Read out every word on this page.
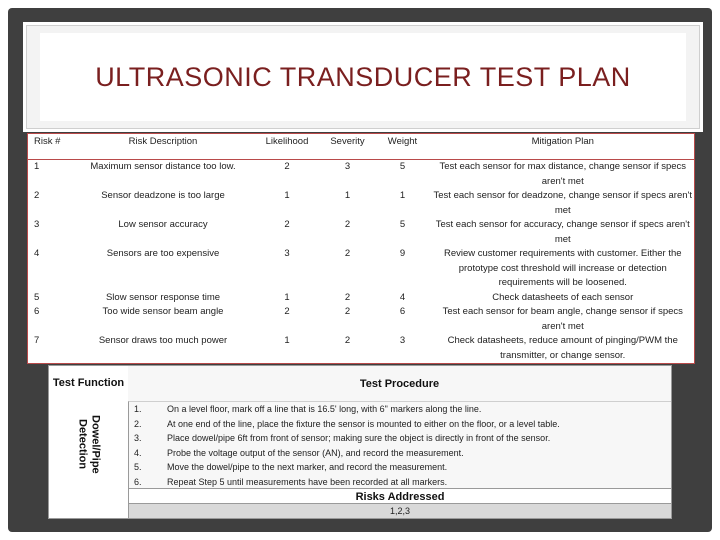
ULTRASONIC TRANSDUCER TEST PLAN
Risk #	Risk Description	Likelihood	Severity	Weight	Mitigation Plan
1	Maximum sensor distance too low.	2	3	5	Test each sensor for max distance, change sensor if specs aren't met
2	Sensor deadzone is too large	1	1	1	Test each sensor for deadzone, change sensor if specs aren't met
3	Low sensor accuracy	2	2	5	Test each sensor for accuracy, change sensor if specs aren't met
4	Sensors are too expensive	3	2	9	Review customer requirements with customer. Either the prototype cost threshold will increase or detection requirements will be loosened.
5	Slow sensor response time	1	2	4	Check datasheets of each sensor
6	Too wide sensor beam angle	2	2	6	Test each sensor for beam angle, change sensor if specs aren't met
7	Sensor draws too much power	1	2	3	Check datasheets, reduce amount of pinging/PWM the transmitter, or change sensor.
Test Function	Test Procedure
Dowel/Pipe Detection
1.	On a level floor, mark off a line that is 16.5' long, with 6" markers along the line.
2.	At one end of the line, place the fixture the sensor is mounted to either on the floor, or a level table.
3.	Place dowel/pipe 6ft from front of sensor; making sure the object is directly in front of the sensor.
4.	Probe the voltage output of the sensor (AN), and record the measurement.
5.	Move the dowel/pipe to the next marker, and record the measurement.
6.	Repeat Step 5 until measurements have been recorded at all markers.
Risks Addressed
1,2,3
